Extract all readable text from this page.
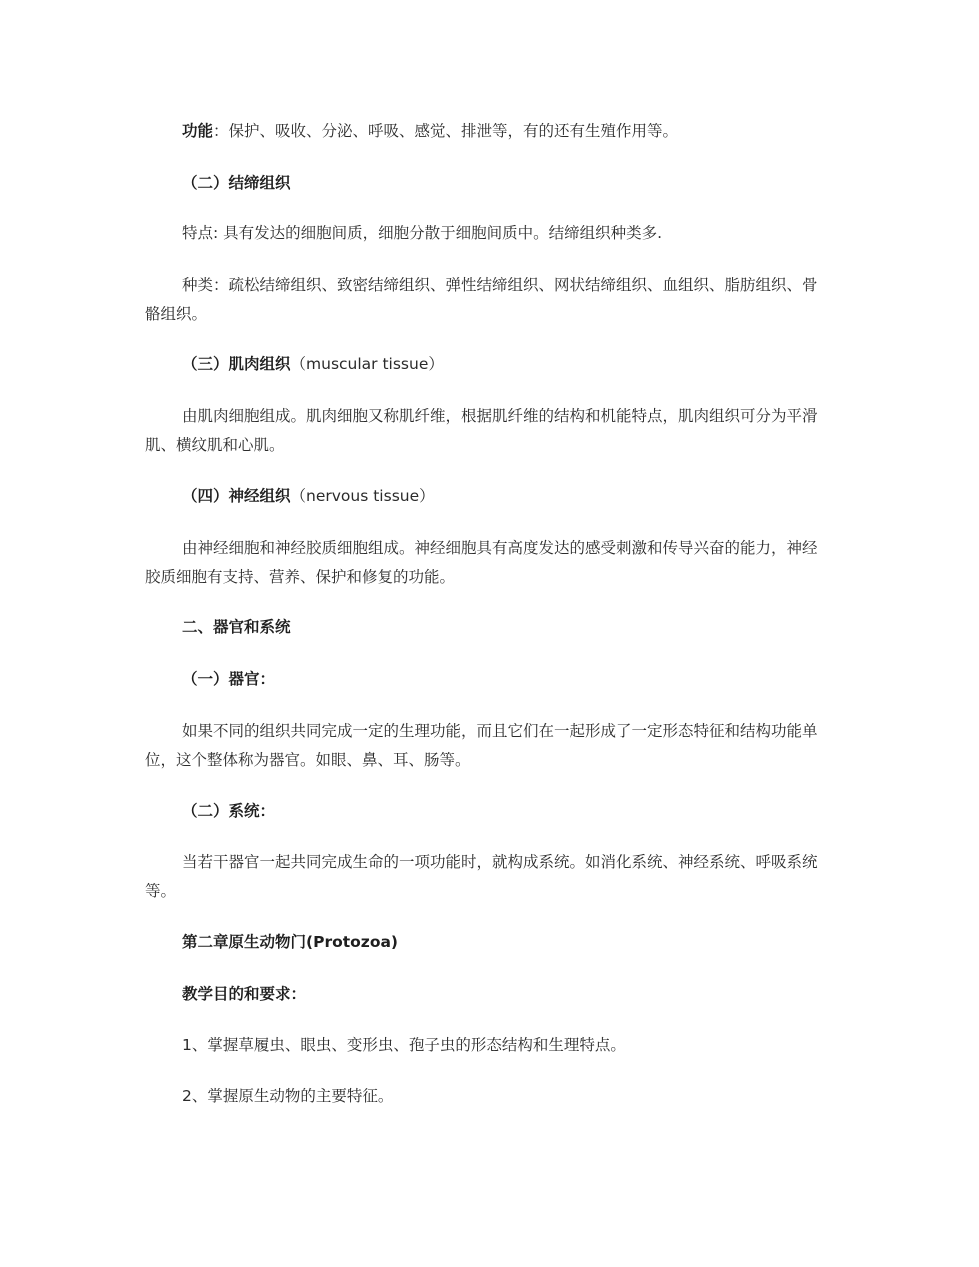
功能：保护、吸收、分泌、呼吸、感觉、排泄等，有的还有生殖作用等。

（二）结缔组织

特点: 具有发达的细胞间质，细胞分散于细胞间质中。结缔组织种类多.

种类：疏松结缔组织、致密结缔组织、弹性结缔组织、网状结缔组织、血组织、脂肪组织、骨骼组织。

（三）肌肉组织（muscular tissue）

由肌肉细胞组成。肌肉细胞又称肌纤维，根据肌纤维的结构和机能特点，肌肉组织可分为平滑肌、横纹肌和心肌。

（四）神经组织（nervous tissue）

由神经细胞和神经胶质细胞组成。神经细胞具有高度发达的感受刺激和传导兴奋的能力，神经胶质细胞有支持、营养、保护和修复的功能。

二、器官和系统

（一）器官：

如果不同的组织共同完成一定的生理功能，而且它们在一起形成了一定形态特征和结构功能单位，这个整体称为器官。如眼、鼻、耳、肠等。

（二）系统：

当若干器官一起共同完成生命的一项功能时，就构成系统。如消化系统、神经系统、呼吸系统等。

第二章原生动物门(Protozoa)

教学目的和要求：

1、掌握草履虫、眼虫、变形虫、孢子虫的形态结构和生理特点。

2、掌握原生动物的主要特征。
